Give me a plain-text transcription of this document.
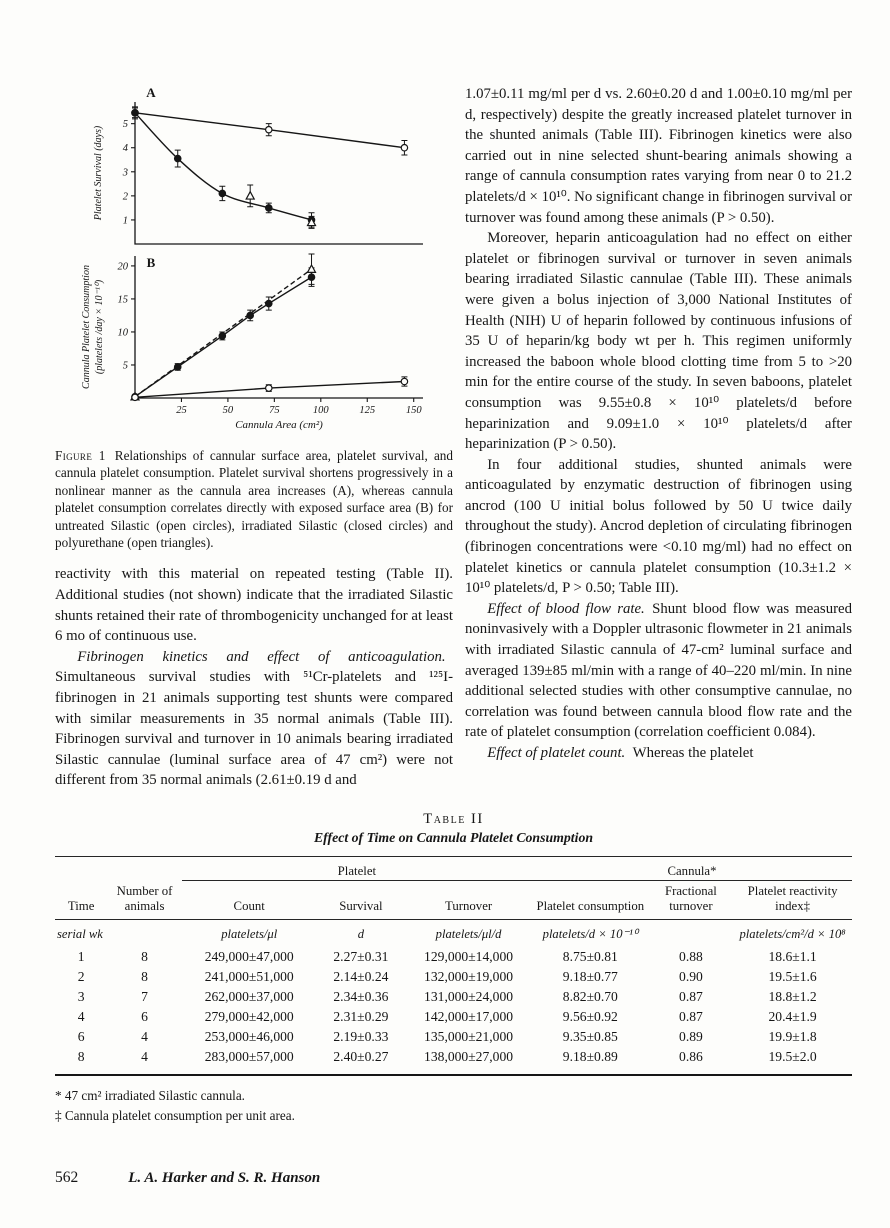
1
2
3
4
5
Platelet Survival (days)
A
5
10
15
20
25	50	75	100	125	150
Cannula Area (cm²)
Cannula Platelet Consumption (platelets /day × 10⁻¹⁰)
B

Figure 1 Relationships of cannular surface area, platelet survival, and cannula platelet consumption. Platelet survival shortens progressively in a nonlinear manner as the cannula area increases (A), whereas cannula platelet consumption correlates directly with exposed surface area (B) for untreated Silastic (open circles), irradiated Silastic (closed circles) and polyurethane (open triangles).

reactivity with this material on repeated testing (Table II). Additional studies (not shown) indicate that the irradiated Silastic shunts retained their rate of thrombogenicity unchanged for at least 6 mo of continuous use.

Fibrinogen kinetics and effect of anticoagulation. Simultaneous survival studies with ⁵¹Cr-platelets and ¹²⁵I-fibrinogen in 21 animals supporting test shunts were compared with similar measurements in 35 normal animals (Table III). Fibrinogen survival and turnover in 10 animals bearing irradiated Silastic cannulae (luminal surface area of 47 cm²) were not different from 35 normal animals (2.61±0.19 d and

1.07±0.11 mg/ml per d vs. 2.60±0.20 d and 1.00±0.10 mg/ml per d, respectively) despite the greatly increased platelet turnover in the shunted animals (Table III). Fibrinogen kinetics were also carried out in nine selected shunt-bearing animals showing a range of cannula consumption rates varying from near 0 to 21.2 platelets/d × 10¹⁰. No significant change in fibrinogen survival or turnover was found among these animals (P > 0.50).

Moreover, heparin anticoagulation had no effect on either platelet or fibrinogen survival or turnover in seven animals bearing irradiated Silastic cannulae (Table III). These animals were given a bolus injection of 3,000 National Institutes of Health (NIH) U of heparin followed by continuous infusions of 35 U of heparin/kg body wt per h. This regimen uniformly increased the baboon whole blood clotting time from 5 to >20 min for the entire course of the study. In seven baboons, platelet consumption was 9.55±0.8 × 10¹⁰ platelets/d before heparinization and 9.09±1.0 × 10¹⁰ platelets/d after heparinization (P > 0.50).

In four additional studies, shunted animals were anticoagulated by enzymatic destruction of fibrinogen using ancrod (100 U initial bolus followed by 50 U twice daily throughout the study). Ancrod depletion of circulating fibrinogen (fibrinogen concentrations were <0.10 mg/ml) had no effect on platelet kinetics or cannula platelet consumption (10.3±1.2 × 10¹⁰ platelets/d, P > 0.50; Table III).

Effect of blood flow rate. Shunt blood flow was measured noninvasively with a Doppler ultrasonic flowmeter in 21 animals with irradiated Silastic cannula of 47-cm² luminal surface and averaged 139±85 ml/min with a range of 40–220 ml/min. In nine additional selected studies with other consumptive cannulae, no correlation was found between cannula blood flow rate and the rate of platelet consumption (correlation coefficient 0.084).

Effect of platelet count. Whereas the platelet

Table II

Effect of Time on Cannula Platelet Consumption

Time	Number of animals	Platelet			Cannula*		
		Count	Survival	Turnover	Platelet consumption	Fractional turnover	Platelet reactivity index‡
serial wk		platelets/μl	d	platelets/μl/d	platelets/d × 10⁻¹⁰		platelets/cm²/d × 10⁸
1	8	249,000±47,000	2.27±0.31	129,000±14,000	8.75±0.81	0.88	18.6±1.1
2	8	241,000±51,000	2.14±0.24	132,000±19,000	9.18±0.77	0.90	19.5±1.6
3	7	262,000±37,000	2.34±0.36	131,000±24,000	8.82±0.70	0.87	18.8±1.2
4	6	279,000±42,000	2.31±0.29	142,000±17,000	9.56±0.92	0.87	20.4±1.9
6	4	253,000±46,000	2.19±0.33	135,000±21,000	9.35±0.85	0.89	19.9±1.8
8	4	283,000±57,000	2.40±0.27	138,000±27,000	9.18±0.89	0.86	19.5±2.0

* 47 cm² irradiated Silastic cannula.

‡ Cannula platelet consumption per unit area.

562	L. A. Harker and S. R. Hanson
